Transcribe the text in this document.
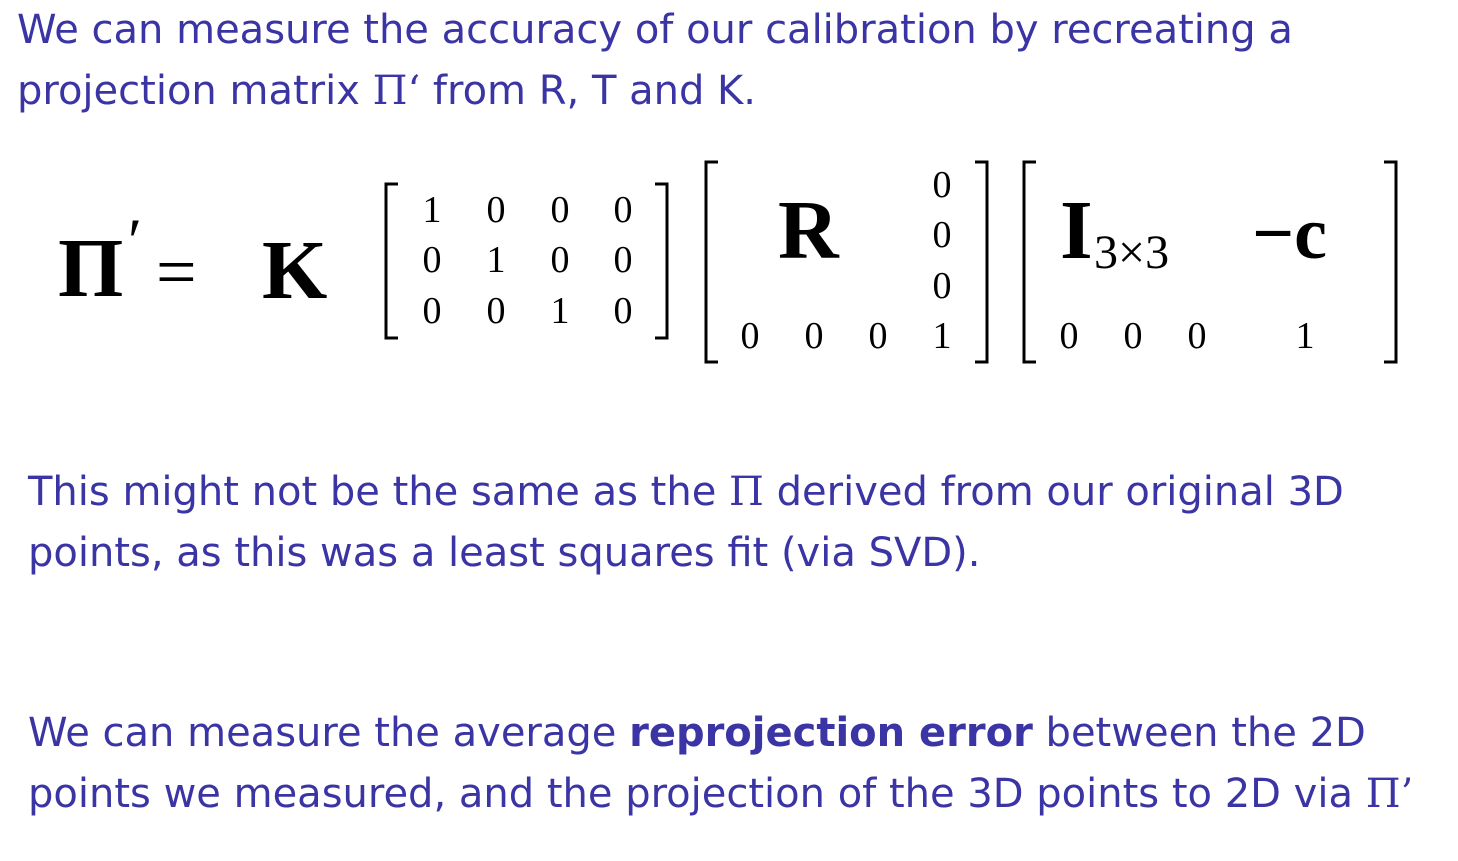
We can measure the accuracy of our calibration by recreating a
projection matrix Π‘ from R, T and K.
Π ′ = K
1 0 0 0
0 1 0 0
0 0 1 0
R 0
0
0
0 0 0 1
I 3×3 −c
0 0 0 1
This might not be the same as the Π derived from our original 3D
points, as this was a least squares fit (via SVD).
We can measure the average reprojection error between the 2D
points we measured, and the projection of the 3D points to 2D via Π’
